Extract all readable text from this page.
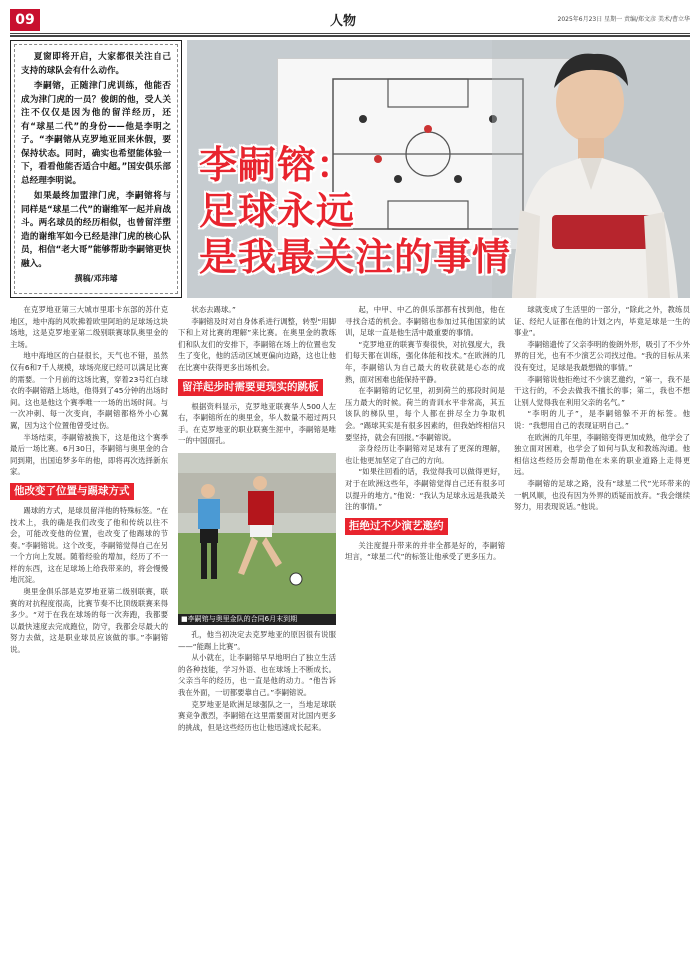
09	人物	2025年6月23日 星期一 责编/郑文彦 美术/曹立华

夏窗即将开启，大家都很关注自己支持的球队会有什么动作。

李嗣镕，正随津门虎训练，他能否成为津门虎的一员？俊朗的他，受人关注不仅仅是因为他的留洋经历，还有“球星二代”的身份——他是李明之子。“李嗣镕从克罗地亚回来休假，要保持状态。同时，确实也希望能体验一下，看看他能否适合中超。”国安俱乐部总经理李明说。

如果最终加盟津门虎，李嗣镕将与同样是“球星二代”的谢维军一起并肩战斗。两名球员的经历相似，也曾留洋塑造的谢维军如今已经是津门虎的核心队员，相信“老大哥”能够帮助李嗣镕更快融入。

撰稿/邓玮璿
李嗣镕：
足球永远
是我最关注的事情

在克罗地亚第三大城市里耶卡东部的苏什克地区，地中海的风吹拂着欧里阿珀的足球场这块场地，这是克罗地亚第二级别联赛球队奥里金的主场。

地中海地区的白昼很长，天气也不错，虽然仅有6和7千人规模，球场亮度已经可以满足比赛的需要。一个月前的这场比赛，穿着23号红白球衣的李嗣镕踏上场地，他得到了45分钟的出场时间。这也是他这个赛季唯一一场的出场时间。与一次冲刺、每一次变向，李嗣镕都格外小心翼翼，因为这个位置他曾受过伤。

半场结束，李嗣镕被换下，这是他这个赛季最后一场比赛。6月30日，李嗣镕与奥里金的合同到期，出国追梦多年的他，即将再次选择新东家。

他改变了位置与踢球方式

踢球的方式，是球员留洋他的特殊标签。“在技术上，我的确是我们改变了他和传统以往不会，可能改变他的位置，也改变了他踢球的节奏。”李嗣镕说。这个改变，李嗣镕觉得自己在另一个方向上发展。随着经验的增加，经历了不一样的东西，这在足球场上给我带来的，将会慢慢地沉淀。

奥里金俱乐部是克罗地亚第二级别联赛，联赛的对抗程度很高，比赛节奏不比顶级联赛来得多少。“对于在我在球场的每一次奔跑，我都要以最快速度去完成跑位，防守，我都会尽最大的努力去做，这是职业球员应该做的事。”李嗣镕说。

状态去踢球。”

李嗣镕及时对自身体系进行调整，转型“用脚下和上对比赛的理解”来比赛。在奥里金的教练们和队友们的安排下，李嗣镕在场上的位置也发生了变化，他的活动区域更偏向边路，这也让他在比赛中获得更多出场机会。

留洋起步时需要更现实的跳板

根据资料显示，克罗地亚联赛华人500人左右，李嗣镕所在的奥里金，华人数量不超过两只手。在克罗地亚的职业联赛生涯中，李嗣镕是唯一的中国面孔。

■李嗣镕与奥里金队的合同6月末到期

孔，他当初决定去克罗地亚的原因很有说服——“能踢上比赛”。

从小就在，让李嗣镕早早地明白了独立生活的各种技能，学习外语、也在球场上不断成长。父亲当年的经历，也一直是他的动力。“他告诉我在外面，一切都要靠自己。”李嗣镕说。

克罗地亚是欧洲足球强队之一，当地足球联赛竞争激烈，李嗣镕在这里需要面对比国内更多的挑战，但是这些经历也让他迅速成长起来。

起，中甲、中乙的俱乐部都有找到他，他在寻找合适的机会。李嗣镕也参加过其他国家的试训，足球一直是他生活中最重要的事情。

“克罗地亚的联赛节奏很快，对抗强度大，我们每天都在训练，强化体能和技术。”在欧洲的几年，李嗣镕认为自己最大的收获就是心态的成熟，面对困难也能保持平静。

在李嗣镕的记忆里，初到荷兰的那段时间是压力最大的时候。荷兰的青训水平非常高，其五该队的梯队里，每个人都在拼尽全力争取机会。“踢球其实是有很多因素的，但我始终相信只要坚持，就会有回报。”李嗣镕说。

亲身经历让李嗣镕对足球有了更深的理解，也让他更加坚定了自己的方向。

“如果往回看的话，我觉得我可以做得更好，对于在欧洲这些年，李嗣镕觉得自己还有很多可以提升的地方。”他说：“我认为足球永远是我最关注的事情。”

拒绝过不少演艺邀约

关注度提升带来的并非全都是好的，李嗣镕坦言，“球星二代”的标签让他承受了更多压力。

球就变成了生活里的一部分，“除此之外，教练员证、经纪人证都在他的计划之内，毕竟足球是一生的事业”。

李嗣镕遗传了父亲李明的俊朗外形，吸引了不少外界的目光，也有不少演艺公司找过他。“我的目标从来没有变过，足球是我最想做的事情。”

李嗣镕说他拒绝过不少演艺邀约，“第一，我不是干这行的，不会去做我不擅长的事；第二，我也不想让别人觉得我在利用父亲的名气。”

“李明的儿子”，是李嗣镕躲不开的标签。他说：“我想用自己的表现证明自己。”

在欧洲的几年里，李嗣镕变得更加成熟，他学会了独立面对困难，也学会了如何与队友和教练沟通。他相信这些经历会帮助他在未来的职业道路上走得更远。

李嗣镕的足球之路，没有“球星二代”光环带来的一帆风顺，也没有因为外界的质疑而放弃。“我会继续努力，用表现说话。”他说。
